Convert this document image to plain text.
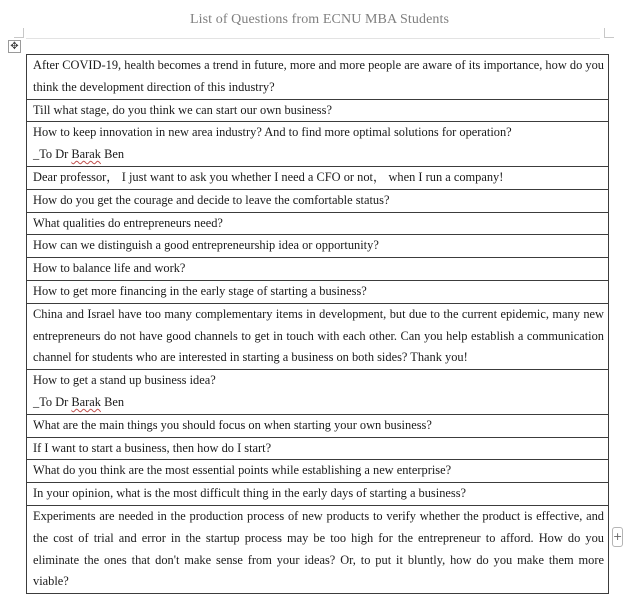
List of Questions from ECNU MBA Students
✥
After COVID-19, health becomes a trend in future, more and more people are aware of its importance, how do you think the development direction of this industry?
Till what stage, do you think we can start our own business?
How to keep innovation in new area industry? And to find more optimal solutions for operation?
_To Dr Barak Ben

Dear professor， I just want to ask you whether I need a CFO or not， when I run a company!
How do you get the courage and decide to leave the comfortable status?
What qualities do entrepreneurs need?
How can we distinguish a good entrepreneurship idea or opportunity?
How to balance life and work?
How to get more financing in the early stage of starting a business?
China and Israel have too many complementary items in development, but due to the current epidemic, many new entrepreneurs do not have good channels to get in touch with each other. Can you help establish a communication channel for students who are interested in starting a business on both sides? Thank you!
How to get a stand up business idea?
_To Dr Barak Ben

What are the main things you should focus on when starting your own business?
If I want to start a business, then how do I start?
What do you think are the most essential points while establishing a new enterprise?
In your opinion, what is the most difficult thing in the early days of starting a business?
Experiments are needed in the production process of new products to verify whether the product is effective, and the cost of trial and error in the startup process may be too high for the entrepreneur to afford. How do you eliminate the ones that don't make sense from your ideas? Or, to put it bluntly, how do you make them more viable?
+
